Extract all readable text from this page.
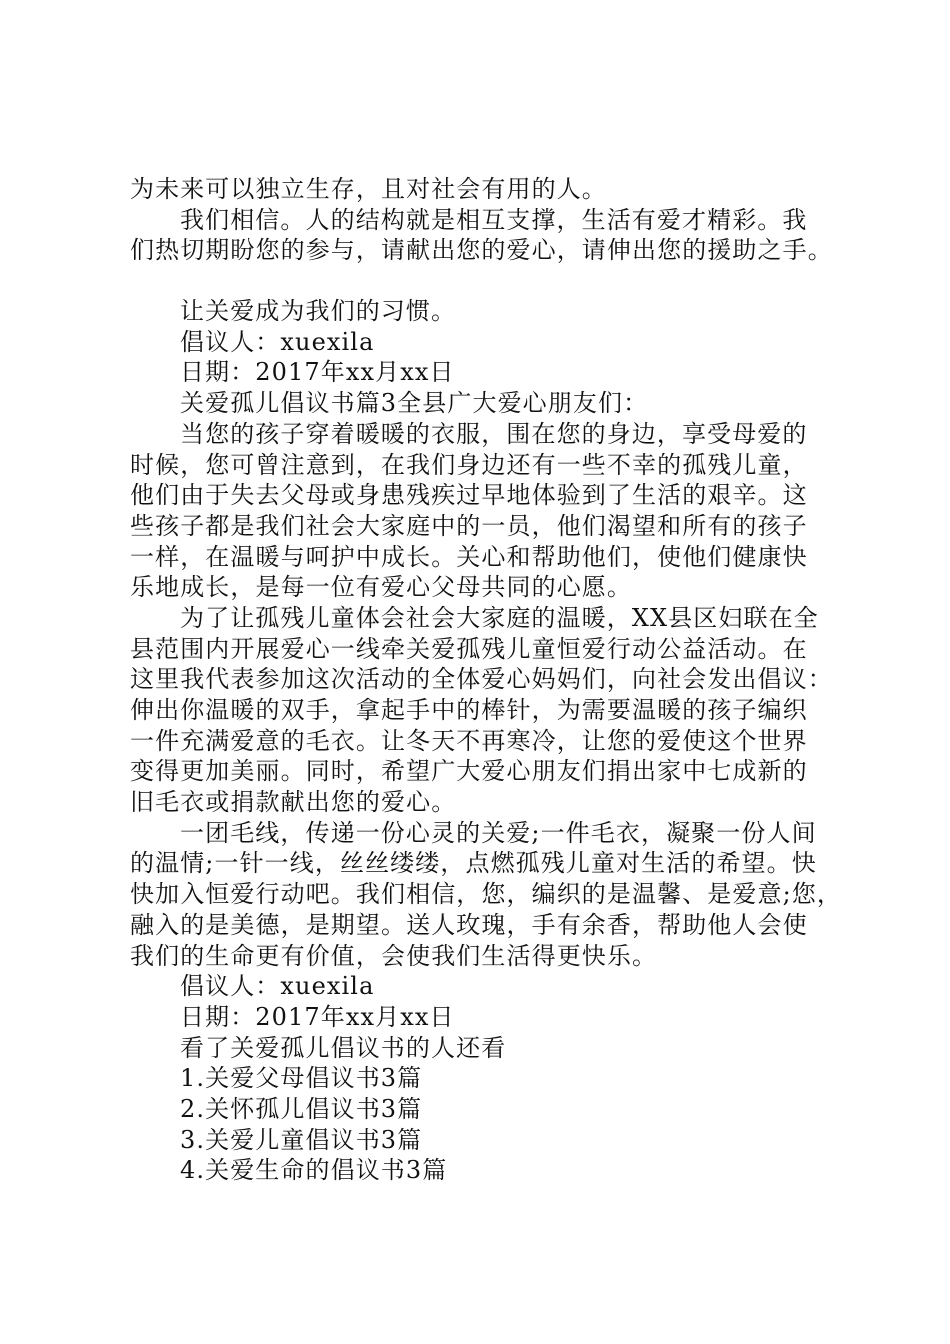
为未来可以独立生存，且对社会有用的人。
我们相信。人的结构就是相互支撑，生活有爱才精彩。我
们热切期盼您的参与，请献出您的爱心，请伸出您的援助之手。
让关爱成为我们的习惯。
倡议人：xuexila
日期：2017年xx月xx日
关爱孤儿倡议书篇3全县广大爱心朋友们：
当您的孩子穿着暖暖的衣服，围在您的身边，享受母爱的
时候，您可曾注意到，在我们身边还有一些不幸的孤残儿童，
他们由于失去父母或身患残疾过早地体验到了生活的艰辛。这
些孩子都是我们社会大家庭中的一员，他们渴望和所有的孩子
一样，在温暖与呵护中成长。关心和帮助他们，使他们健康快
乐地成长，是每一位有爱心父母共同的心愿。
为了让孤残儿童体会社会大家庭的温暖，XX县区妇联在全
县范围内开展爱心一线牵关爱孤残儿童恒爱行动公益活动。在
这里我代表参加这次活动的全体爱心妈妈们，向社会发出倡议：
伸出你温暖的双手，拿起手中的棒针，为需要温暖的孩子编织
一件充满爱意的毛衣。让冬天不再寒冷，让您的爱使这个世界
变得更加美丽。同时，希望广大爱心朋友们捐出家中七成新的
旧毛衣或捐款献出您的爱心。
一团毛线，传递一份心灵的关爱;一件毛衣，凝聚一份人间
的温情;一针一线，丝丝缕缕，点燃孤残儿童对生活的希望。快
快加入恒爱行动吧。我们相信，您，编织的是温馨、是爱意;您，
融入的是美德，是期望。送人玫瑰，手有余香，帮助他人会使
我们的生命更有价值，会使我们生活得更快乐。
倡议人：xuexila
日期：2017年xx月xx日
看了关爱孤儿倡议书的人还看
1.关爱父母倡议书3篇
2.关怀孤儿倡议书3篇
3.关爱儿童倡议书3篇
4.关爱生命的倡议书3篇
